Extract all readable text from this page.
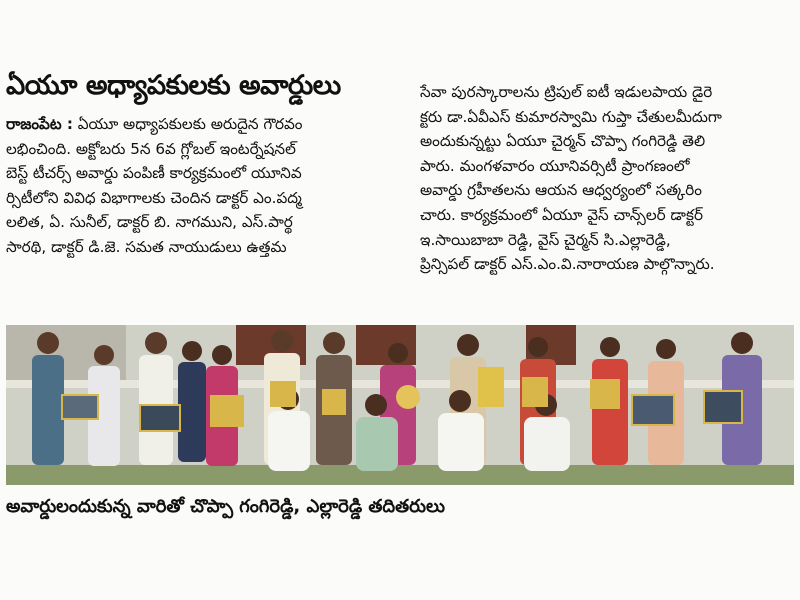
ఏయూ అధ్యాపకులకు అవార్డులు
రాజంపేట : ఏయూ అధ్యాపకులకు అరుదైన గౌరవం
లభించింది. అక్టోబరు 5న 6వ గ్లోబల్ ఇంటర్నేషనల్
బెస్ట్ టీచర్స్ అవార్డు పంపిణీ కార్యక్రమంలో యూనివ
ర్సిటీలోని వివిధ విభాగాలకు చెందిన డాక్టర్ ఎం.పద్మ
లలిత, ఏ. సునీల్, డాక్టర్ బి. నాగముని, ఎస్.పార్థ
సారథి, డాక్టర్ డి.జె. సమత నాయుడులు ఉత్తమ
సేవా పురస్కారాలను ట్రిపుల్ ఐటీ ఇడులపాయ డైరె
క్టరు డా.ఏవీఎస్ కుమారస్వామి గుప్తా చేతులమీదుగా
అందుకున్నట్టు ఏయూ చైర్మన్ చొప్పా గంగిరెడ్డి తెలి
పారు. మంగళవారం యూనివర్సిటీ ప్రాంగణంలో
అవార్డు గ్రహీతలను ఆయన ఆధ్వర్యంలో సత్కరిం
చారు. కార్యక్రమంలో ఏయూ వైస్ చాన్స్‌లర్ డాక్టర్
ఇ.సాయిబాబా రెడ్డి, వైస్ చైర్మన్ సి.ఎల్లారెడ్డి,
ప్రిన్సిపల్ డాక్టర్ ఎస్.ఎం.వి.నారాయణ పాల్గొన్నారు.
అవార్డులందుకున్న వారితో చొప్పా గంగిరెడ్డి, ఎల్లారెడ్డి తదితరులు
